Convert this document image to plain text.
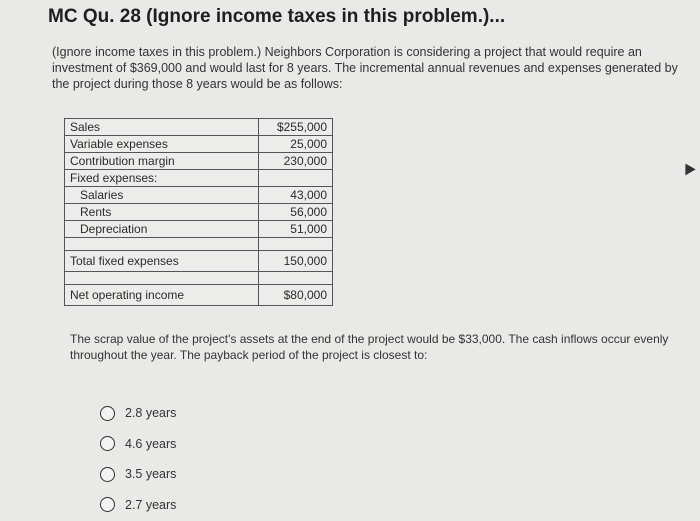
MC Qu. 28 (Ignore income taxes in this problem.)...
(Ignore income taxes in this problem.) Neighbors Corporation is considering a project that would require an investment of $369,000 and would last for 8 years. The incremental annual revenues and expenses generated by the project during those 8 years would be as follows:
Sales	$255,000
Variable expenses	25,000
Contribution margin	230,000
Fixed expenses:	
Salaries	43,000
Rents	56,000
Depreciation	51,000

Total fixed expenses	150,000

Net operating income	$80,000
The scrap value of the project's assets at the end of the project would be $33,000. The cash inflows occur evenly throughout the year. The payback period of the project is closest to:
2.8 years
4.6 years
3.5 years
2.7 years
